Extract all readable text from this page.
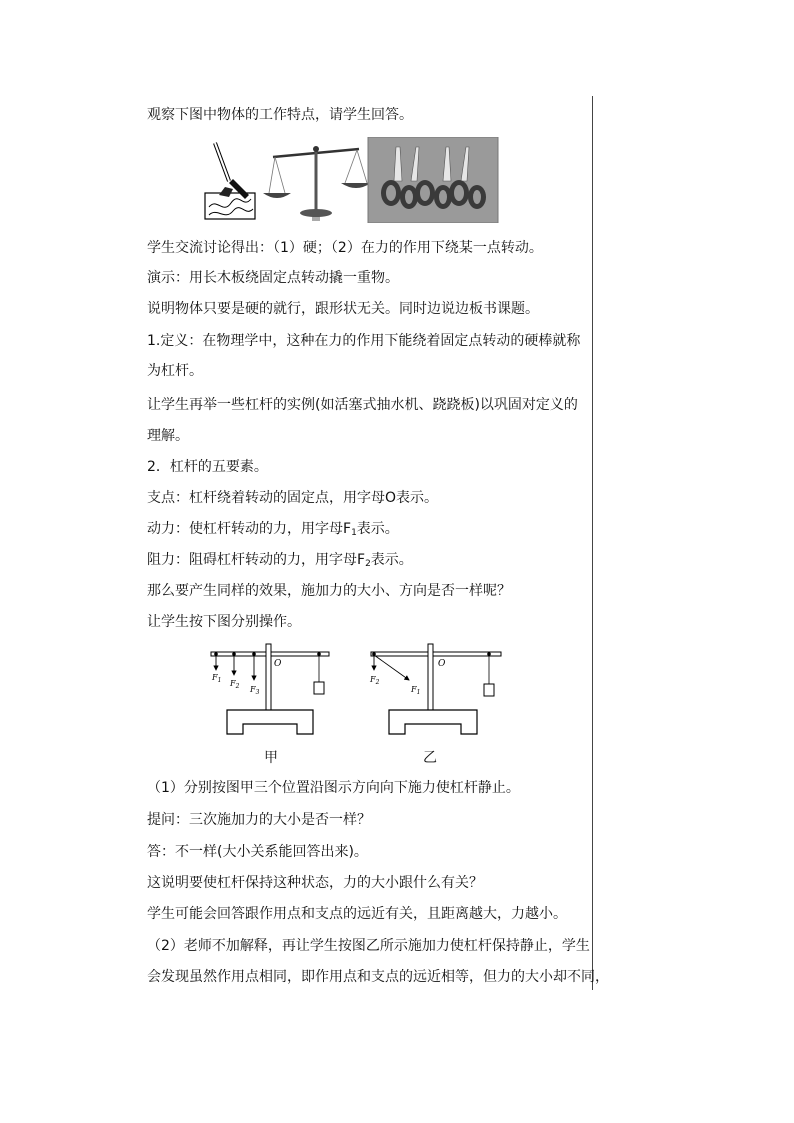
观察下图中物体的工作特点，请学生回答。
学生交流讨论得出：（1）硬；（2）在力的作用下绕某一点转动。
演示：用长木板绕固定点转动撬一重物。
说明物体只要是硬的就行，跟形状无关。同时边说边板书课题。
1.定义：在物理学中，这种在力的作用下能绕着固定点转动的硬棒就称
为杠杆。
让学生再举一些杠杆的实例(如活塞式抽水机、跷跷板)以巩固对定义的
理解。
2．杠杆的五要素。
支点：杠杆绕着转动的固定点，用字母O表示。
动力：使杠杆转动的力，用字母$F_1$表示。
阻力：阻碍杠杆转动的力，用字母$F_2$表示。
那么要产生同样的效果，施加力的大小、方向是否一样呢？
让学生按下图分别操作。
O
$F_1$ $F_2$ $F_3$
O
$F_2$
$F_1$
甲	乙
（1）分别按图甲三个位置沿图示方向向下施力使杠杆静止。
提问：三次施加力的大小是否一样？
答：不一样(大小关系能回答出来)。
这说明要使杠杆保持这种状态，力的大小跟什么有关？
学生可能会回答跟作用点和支点的远近有关，且距离越大，力越小。
（2）老师不加解释，再让学生按图乙所示施加力使杠杆保持静止，学生
会发现虽然作用点相同，即作用点和支点的远近相等，但力的大小却不同，
